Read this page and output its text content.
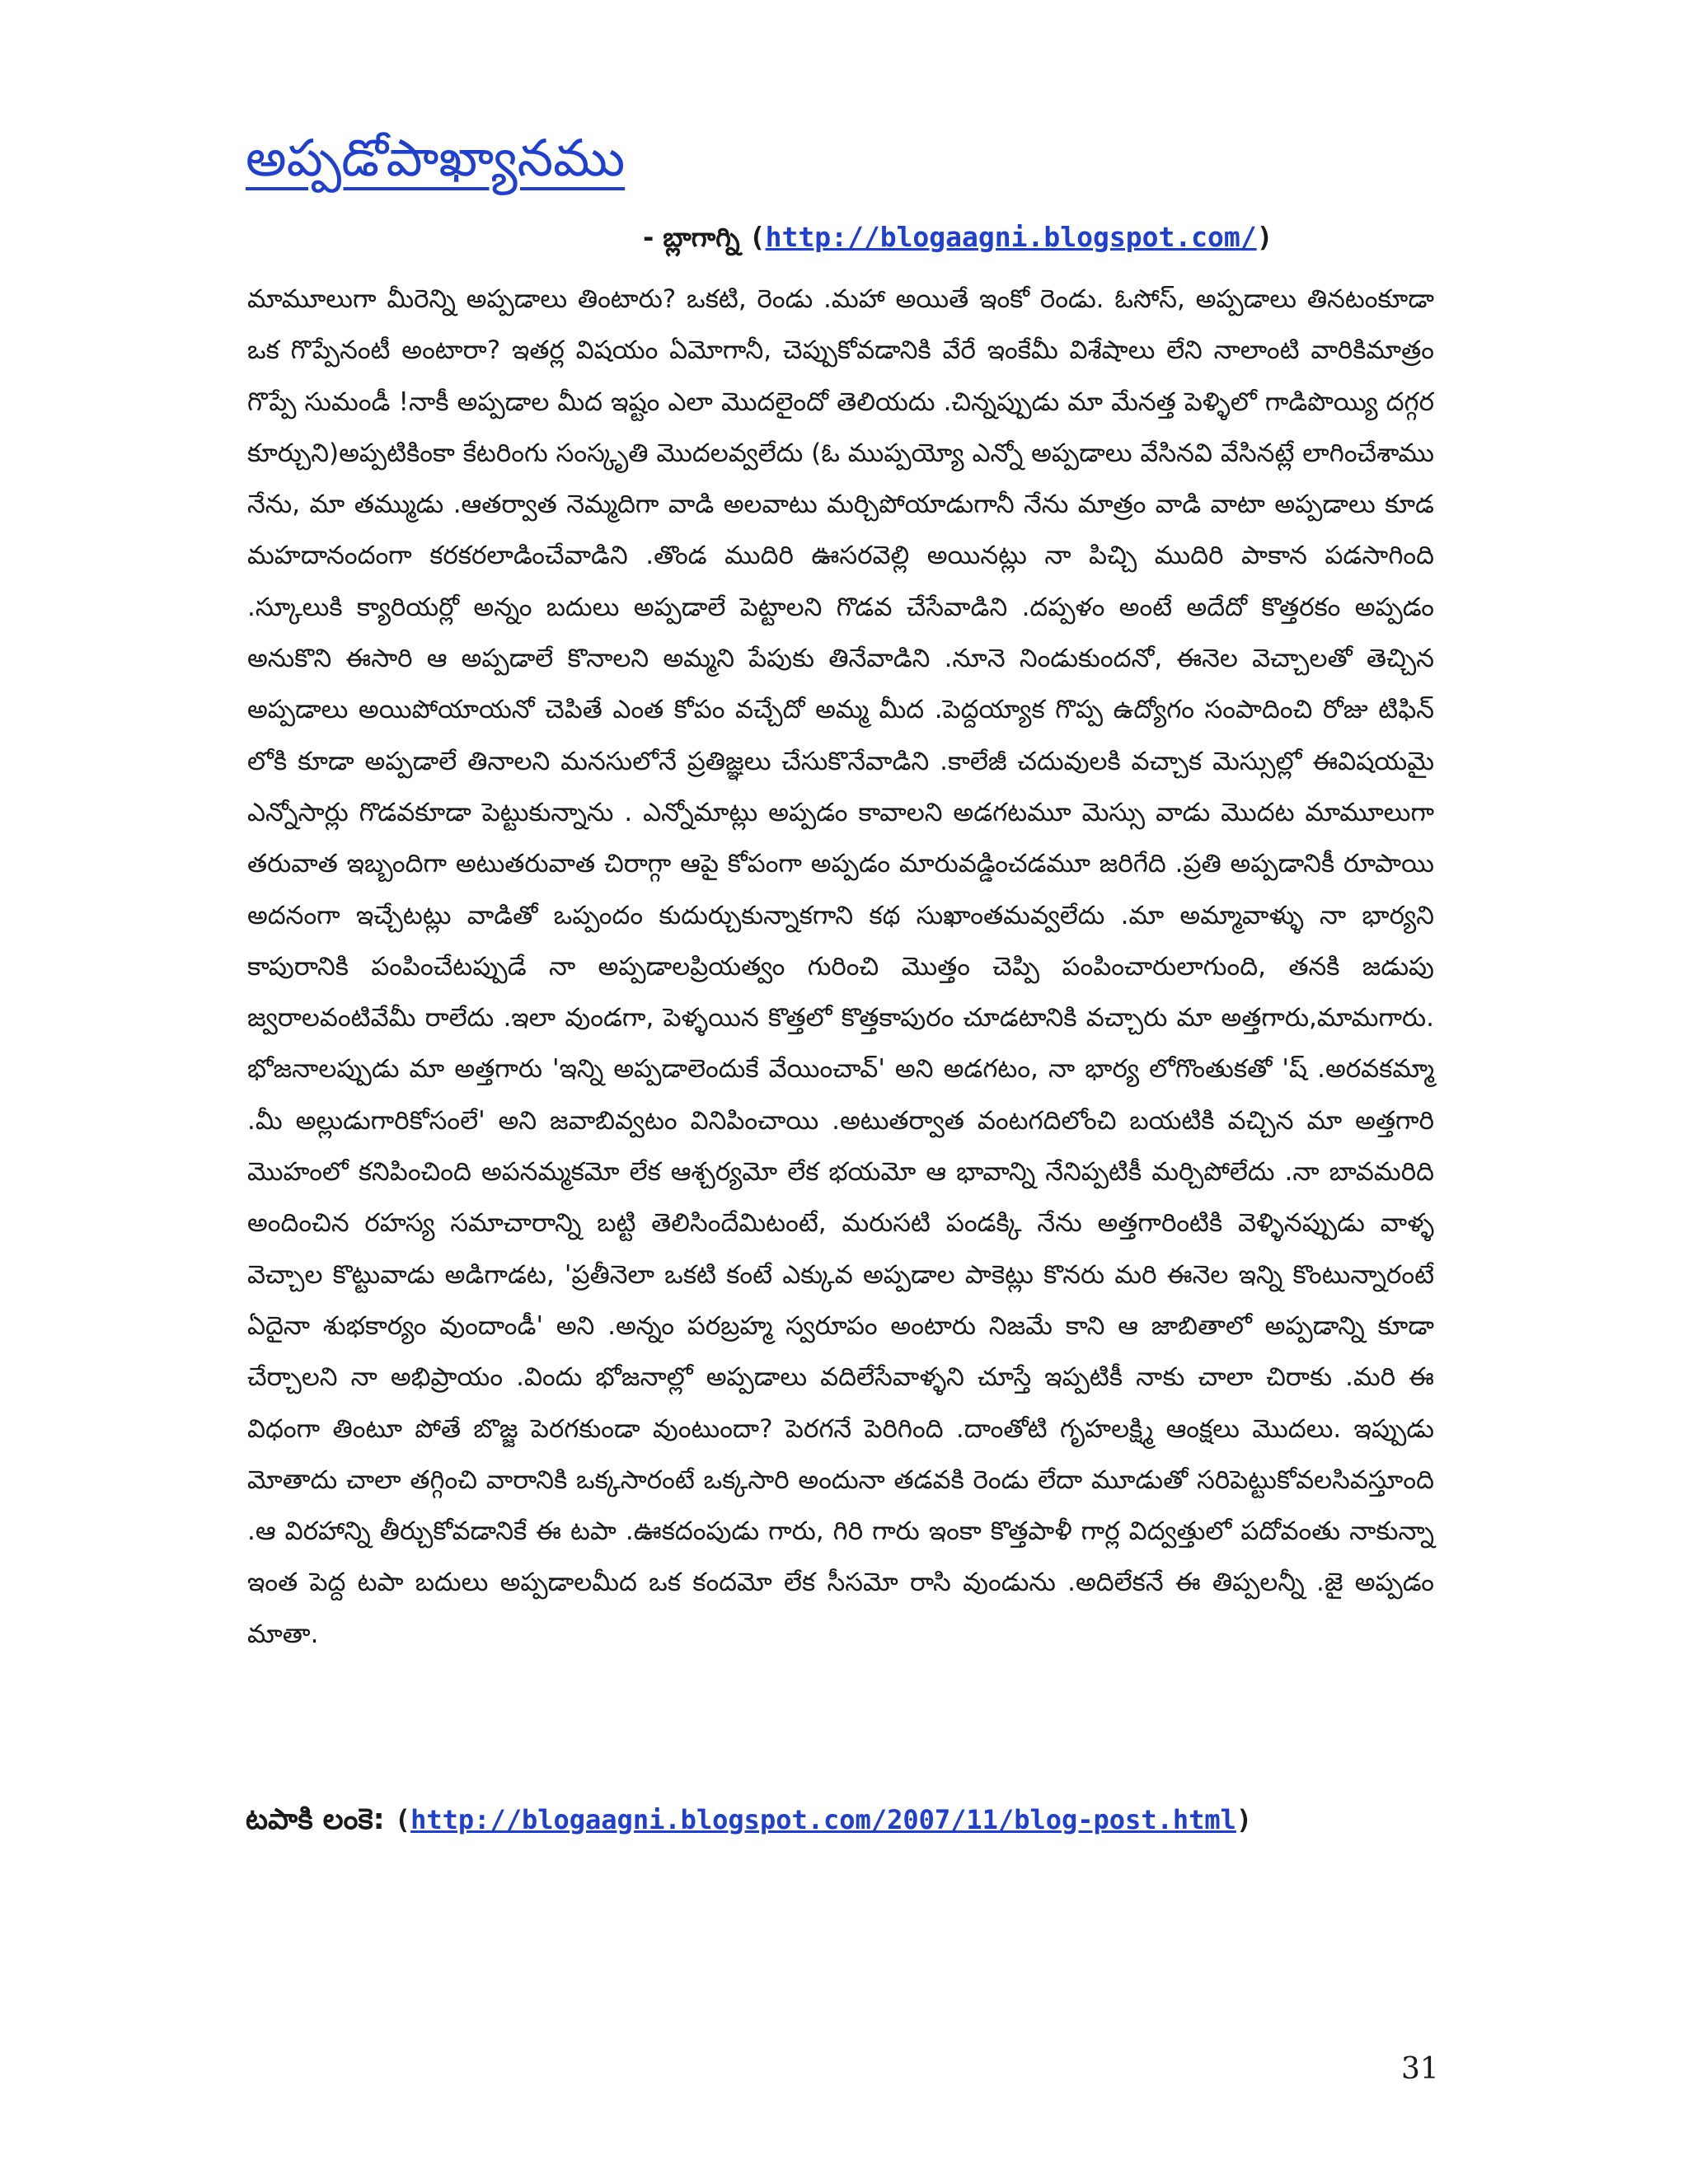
అప్పడోపాఖ్యానము
- బ్లాగాగ్ని (http://blogaagni.blogspot.com/)

మామూలుగా మీరెన్ని అప్పడాలు తింటారు? ఒకటి, రెండు .మహా అయితే ఇంకో రెండు. ఓసోస్, అప్పడాలు తినటంకూడా ఒక గొప్పేనంటీ అంటారా? ఇతర్ల విషయం ఏమోగానీ, చెప్పుకోవడానికి వేరే ఇంకేమీ విశేషాలు లేని నాలాంటి వారికిమాత్రం గొప్పే సుమండీ !నాకీ అప్పడాల మీద ఇష్టం ఎలా మొదలైందో తెలియదు .చిన్నప్పుడు మా మేనత్త పెళ్ళిలో గాడిపొయ్యి దగ్గర కూర్చుని)అప్పటికింకా కేటరింగు సంస్కృతి మొదలవ్వలేదు (ఓ ముప్పయ్యో ఎన్నో అప్పడాలు వేసినవి వేసినట్లే లాగించేశాము నేను, మా తమ్ముడు .ఆతర్వాత నెమ్మదిగా వాడి అలవాటు మర్చిపోయాడుగానీ నేను మాత్రం వాడి వాటా అప్పడాలు కూడ మహదానందంగా కరకరలాడించేవాడిని .తొండ ముదిరి ఊసరవెల్లి అయినట్లు నా పిచ్చి ముదిరి పాకాన పడసాగింది .స్కూలుకి క్యారియర్లో అన్నం బదులు అప్పడాలే పెట్టాలని గొడవ చేసేవాడిని .దప్పళం అంటే అదేదో కొత్తరకం అప్పడం అనుకొని ఈసారి ఆ అప్పడాలే కొనాలని అమ్మని పేపుకు తినేవాడిని .నూనె నిండుకుందనో, ఈనెల వెచ్చాలతో తెచ్చిన అప్పడాలు అయిపోయాయనో చెపితే ఎంత కోపం వచ్చేదో అమ్మ మీద .పెద్దయ్యాక గొప్ప ఉద్యోగం సంపాదించి రోజు టిఫిన్ లోకి కూడా అప్పడాలే తినాలని మనసులోనే ప్రతిజ్ఞలు చేసుకొనేవాడిని .కాలేజీ చదువులకి వచ్చాక మెస్సుల్లో ఈవిషయమై ఎన్నోసార్లు గొడవకూడా పెట్టుకున్నాను . ఎన్నోమాట్లు అప్పడం కావాలని అడగటమూ మెస్సు వాడు మొదట మామూలుగా తరువాత ఇబ్బందిగా అటుతరువాత చిరాగ్గా ఆపై కోపంగా అప్పడం మారువడ్డించడమూ జరిగేది .ప్రతి అప్పడానికీ రూపాయి అదనంగా ఇచ్చేటట్లు వాడితో ఒప్పందం కుదుర్చుకున్నాకగాని కథ సుఖాంతమవ్వలేదు .మా అమ్మావాళ్ళు నా భార్యని కాపురానికి పంపించేటప్పుడే నా అప్పడాలప్రియత్వం గురించి మొత్తం చెప్పి పంపించారులాగుంది, తనకి జడుపు జ్వరాలవంటివేమీ రాలేదు .ఇలా వుండగా, పెళ్ళయిన కొత్తలో కొత్తకాపురం చూడటానికి వచ్చారు మా అత్తగారు,మామగారు. భోజనాలప్పుడు మా అత్తగారు 'ఇన్ని అప్పడాలెందుకే వేయించావ్' అని అడగటం, నా భార్య లోగొంతుకతో 'ష్ .అరవకమ్మా .మీ అల్లుడుగారికోసంలే' అని జవాబివ్వటం వినిపించాయి .అటుతర్వాత వంటగదిలోంచి బయటికి వచ్చిన మా అత్తగారి మొహంలో కనిపించింది అపనమ్మకమో లేక ఆశ్చర్యమో లేక భయమో ఆ భావాన్ని నేనిప్పటికీ మర్చిపోలేదు .నా బావమరిది అందించిన రహస్య సమాచారాన్ని బట్టి తెలిసిందేమిటంటే, మరుసటి పండక్కి నేను అత్తగారింటికి వెళ్ళినప్పుడు వాళ్ళ వెచ్చాల కొట్టువాడు అడిగాడట, 'ప్రతీనెలా ఒకటి కంటే ఎక్కువ అప్పడాల పాకెట్లు కొనరు మరి ఈనెల ఇన్ని కొంటున్నారంటే ఏదైనా శుభకార్యం వుందాండీ' అని .అన్నం పరబ్రహ్మ స్వరూపం అంటారు నిజమే కాని ఆ జాబితాలో అప్పడాన్ని కూడా చేర్చాలని నా అభిప్రాయం .విందు భోజనాల్లో అప్పడాలు వదిలేసేవాళ్ళని చూస్తే ఇప్పటికీ నాకు చాలా చిరాకు .మరి ఈ విధంగా తింటూ పోతే బొజ్జ పెరగకుండా వుంటుందా? పెరగనే పెరిగింది .దాంతోటి గృహలక్ష్మి ఆంక్షలు మొదలు. ఇప్పుడు మోతాదు చాలా తగ్గించి వారానికి ఒక్కసారంటే ఒక్కసారి అందునా తడవకి రెండు లేదా మూడుతో సరిపెట్టుకోవలసివస్తూంది .ఆ విరహాన్ని తీర్చుకోవడానికే ఈ టపా .ఊకదంపుడు గారు, గిరి గారు ఇంకా కొత్తపాళీ గార్ల విద్వత్తులో పదోవంతు నాకున్నా ఇంత పెద్ద టపా బదులు అప్పడాలమీద ఒక కందమో లేక సీసమో రాసి వుండును .అదిలేకనే ఈ తిప్పలన్నీ .జై అప్పడం మాతా.

టపాకి లంకె: (http://blogaagni.blogspot.com/2007/11/blog-post.html)
31
